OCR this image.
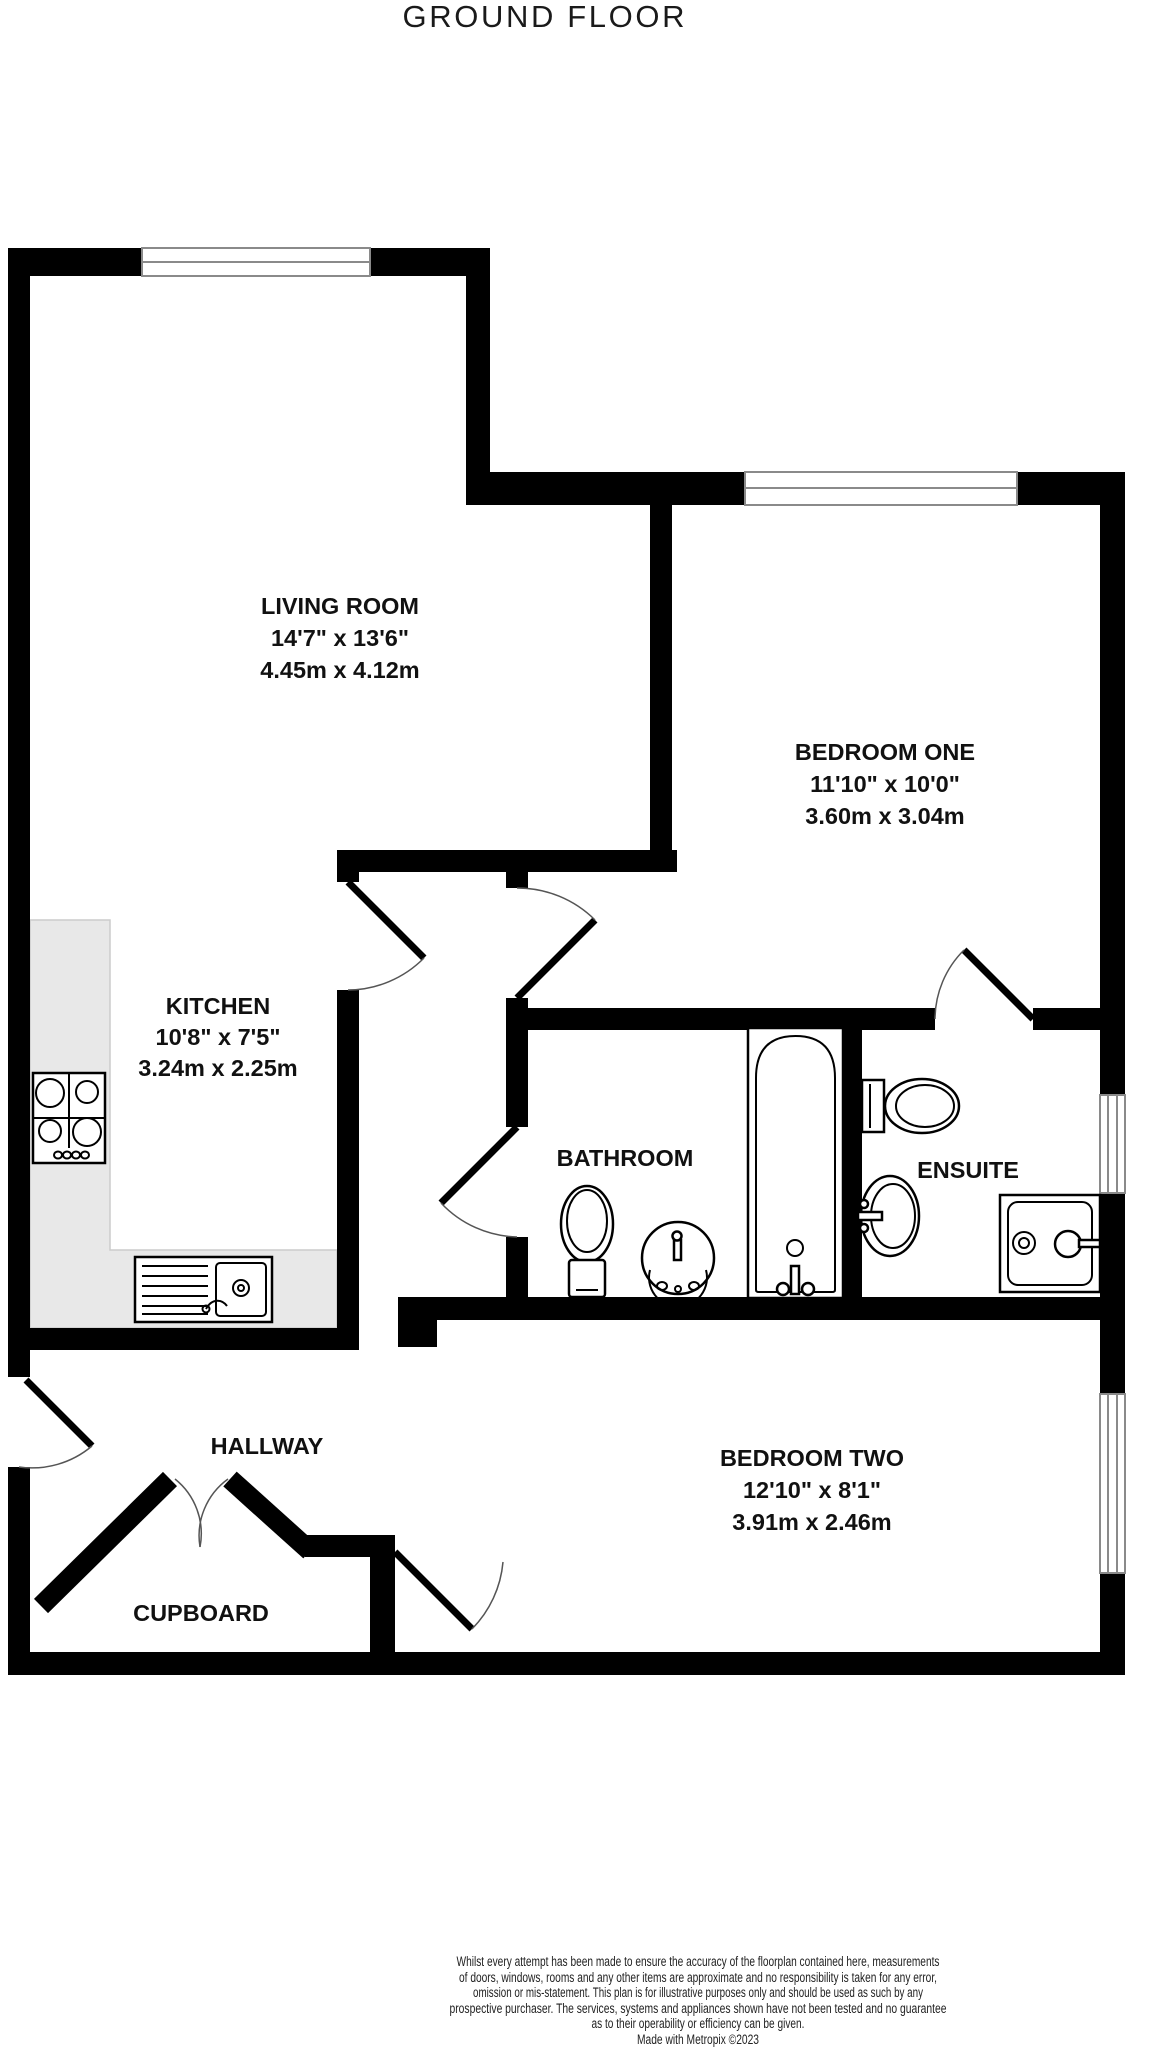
GROUND FLOOR
LIVING ROOM
14'7" x 13'6"
4.45m x 4.12m
BEDROOM ONE
11'10" x 10'0"
3.60m x 3.04m
KITCHEN
10'8" x 7'5"
3.24m x 2.25m
BATHROOM	ENSUITE
HALLWAY	BEDROOM TWO
12'10" x 8'1"
3.91m x 2.46m
CUPBOARD
Whilst every attempt has been made to ensure the accuracy of the floorplan contained here, measurements
of doors, windows, rooms and any other items are approximate and no responsibility is taken for any error,
omission or mis-statement. This plan is for illustrative purposes only and should be used as such by any
prospective purchaser. The services, systems and appliances shown have not been tested and no guarantee
as to their operability or efficiency can be given.
Made with Metropix ©2023
